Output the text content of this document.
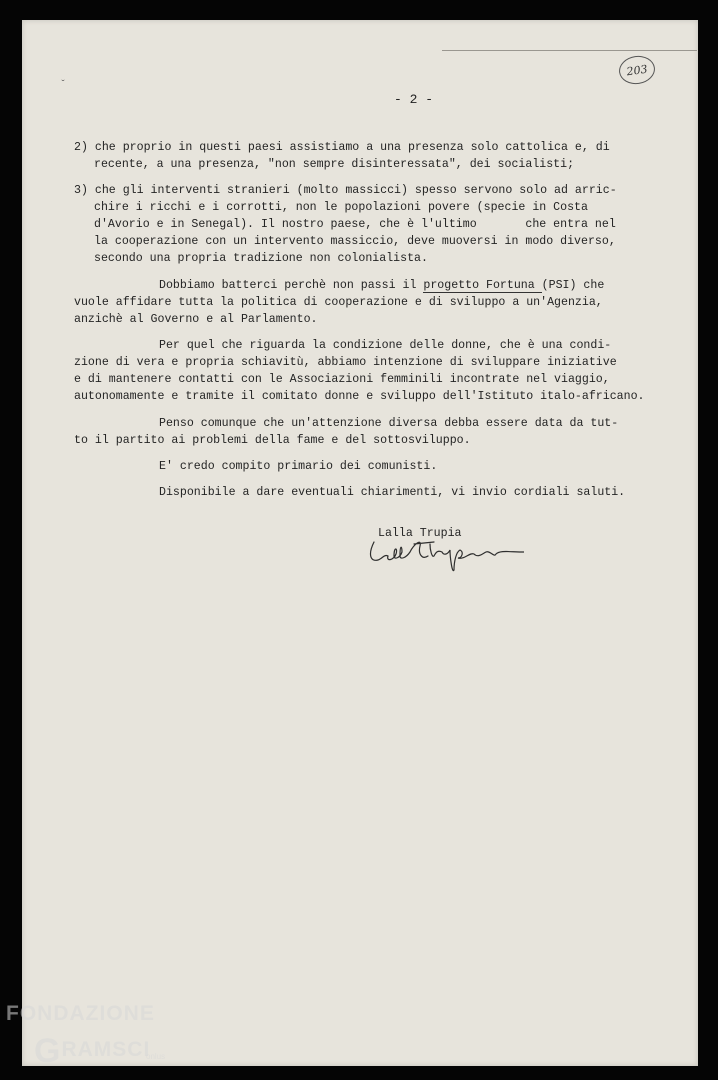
ˇ
203
- 2 -
2) che proprio in questi paesi assistiamo a una presenza solo cattolica e, di
recente, a una presenza, "non sempre disinteressata", dei socialisti;
3) che gli interventi stranieri (molto massicci) spesso servono solo ad arric-
chire i ricchi e i corrotti, non le popolazioni povere (specie in Costa
d'Avorio e in Senegal). Il nostro paese, che è l'ultimo       che entra nel
la cooperazione con un intervento massiccio, deve muoversi in modo diverso,
secondo una propria tradizione non colonialista.
Dobbiamo batterci perchè non passi il progetto Fortuna (PSI) che
vuole affidare tutta la politica di cooperazione e di sviluppo a un'Agenzia,
anzichè al Governo e al Parlamento.
Per quel che riguarda la condizione delle donne, che è una condi-
zione di vera e propria schiavitù, abbiamo intenzione di sviluppare iniziative
e di mantenere contatti con le Associazioni femminili incontrate nel viaggio,
autonomamente e tramite il comitato donne e sviluppo dell'Istituto italo-africano.
Penso comunque che un'attenzione diversa debba essere data da tut-
to il partito ai problemi della fame e del sottosviluppo.
E' credo compito primario dei comunisti.
Disponibile a dare eventuali chiarimenti, vi invio cordiali saluti.
Lalla Trupia
FONDAZIONE
GRAMSCI
onlus
